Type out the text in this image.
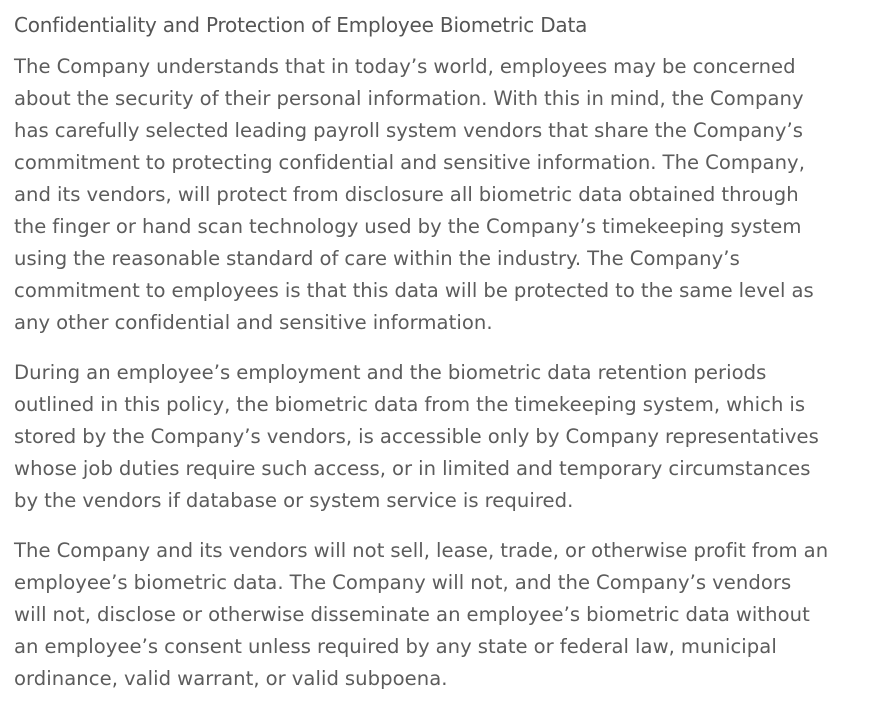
Confidentiality and Protection of Employee Biometric Data

The Company understands that in today’s world, employees may be concerned
about the security of their personal information. With this in mind, the Company
has carefully selected leading payroll system vendors that share the Company’s
commitment to protecting confidential and sensitive information. The Company,
and its vendors, will protect from disclosure all biometric data obtained through
the finger or hand scan technology used by the Company’s timekeeping system
using the reasonable standard of care within the industry. The Company’s
commitment to employees is that this data will be protected to the same level as
any other confidential and sensitive information.

During an employee’s employment and the biometric data retention periods
outlined in this policy, the biometric data from the timekeeping system, which is
stored by the Company’s vendors, is accessible only by Company representatives
whose job duties require such access, or in limited and temporary circumstances
by the vendors if database or system service is required.

The Company and its vendors will not sell, lease, trade, or otherwise profit from an
employee’s biometric data. The Company will not, and the Company’s vendors
will not, disclose or otherwise disseminate an employee’s biometric data without
an employee’s consent unless required by any state or federal law, municipal
ordinance, valid warrant, or valid subpoena.
